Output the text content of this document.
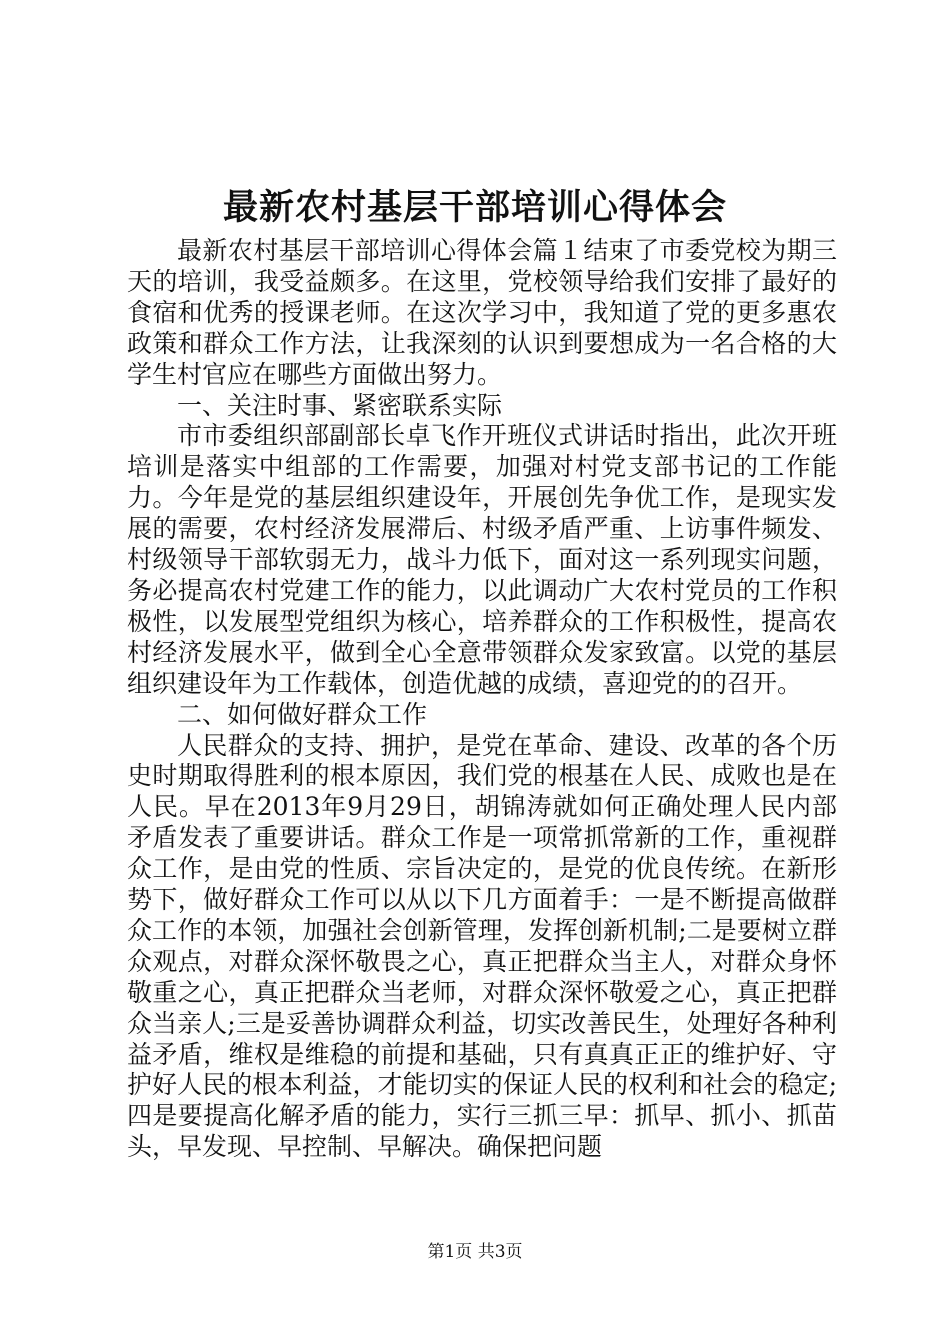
最新农村基层干部培训心得体会

最新农村基层干部培训心得体会篇１结束了市委党校为期三天的培训，我受益颇多。在这里，党校领导给我们安排了最好的食宿和优秀的授课老师。在这次学习中，我知道了党的更多惠农政策和群众工作方法，让我深刻的认识到要想成为一名合格的大学生村官应在哪些方面做出努力。

一、关注时事、紧密联系实际

市市委组织部副部长卓飞作开班仪式讲话时指出，此次开班培训是落实中组部的工作需要，加强对村党支部书记的工作能力。今年是党的基层组织建设年，开展创先争优工作，是现实发展的需要，农村经济发展滞后、村级矛盾严重、上访事件频发、村级领导干部软弱无力，战斗力低下，面对这一系列现实问题，务必提高农村党建工作的能力，以此调动广大农村党员的工作积极性，以发展型党组织为核心，培养群众的工作积极性，提高农村经济发展水平，做到全心全意带领群众发家致富。以党的基层组织建设年为工作载体，创造优越的成绩，喜迎党的的召开。

二、如何做好群众工作

人民群众的支持、拥护，是党在革命、建设、改革的各个历史时期取得胜利的根本原因，我们党的根基在人民、成败也是在人民。早在2013年9月29日，胡锦涛就如何正确处理人民内部矛盾发表了重要讲话。群众工作是一项常抓常新的工作，重视群众工作，是由党的性质、宗旨决定的，是党的优良传统。在新形势下，做好群众工作可以从以下几方面着手：一是不断提高做群众工作的本领，加强社会创新管理，发挥创新机制;二是要树立群众观点，对群众深怀敬畏之心，真正把群众当主人，对群众身怀敬重之心，真正把群众当老师，对群众深怀敬爱之心，真正把群众当亲人;三是妥善协调群众利益，切实改善民生，处理好各种利益矛盾，维权是维稳的前提和基础，只有真真正正的维护好、守护好人民的根本利益，才能切实的保证人民的权利和社会的稳定;四是要提高化解矛盾的能力，实行三抓三早：抓早、抓小、抓苗头，早发现、早控制、早解决。确保把问题

第1页 共3页
